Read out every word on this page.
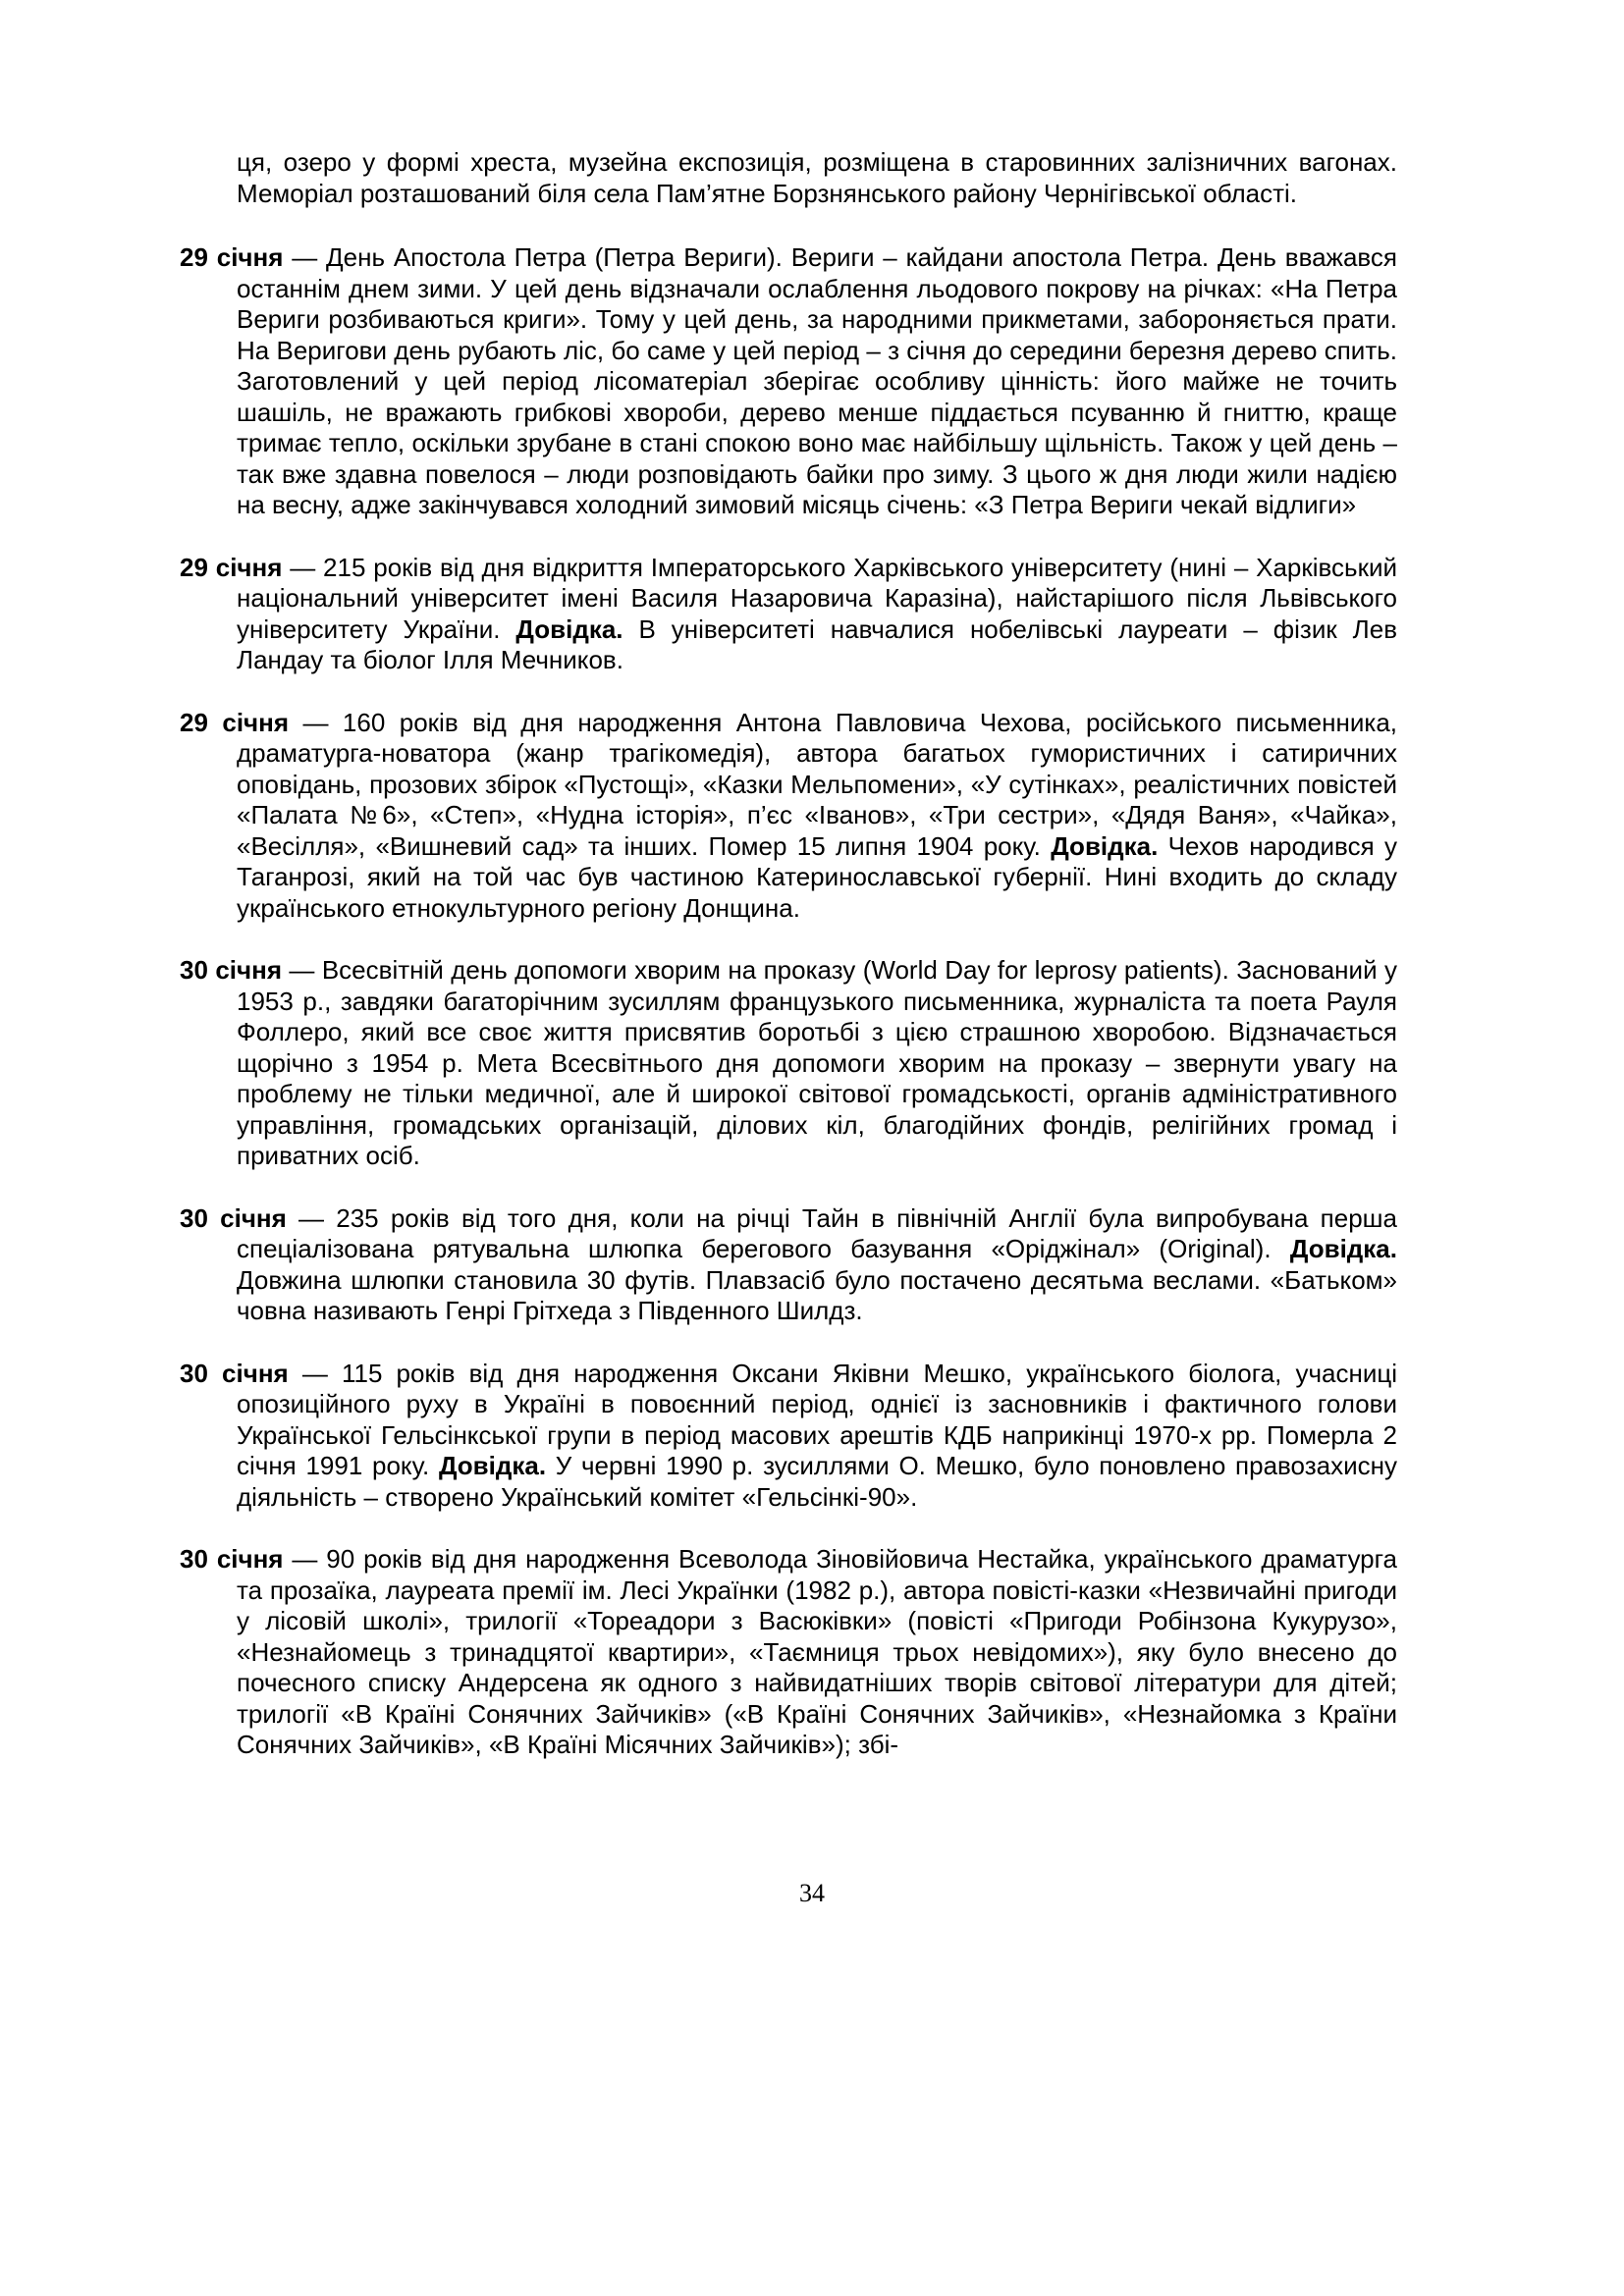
ця, озеро у формі хреста, музейна експозиція, розміщена в старовинних залізничних вагонах. Меморіал розташований біля села Пам’ятне Борзнянського району Чернігівської області.

29 січня — День Апостола Петра (Петра Вериги). Вериги – кайдани апостола Петра. День вважався останнім днем зими. У цей день відзначали ослаблення льодового покрову на річках: «На Петра Вериги розбиваються криги». Тому у цей день, за народними прикметами, забороняється прати. На Веригови день рубають ліс, бо саме у цей період – з січня до середини березня дерево спить. Заготовлений у цей період лісоматеріал зберігає особливу цінність: його майже не точить шашіль, не вражають грибкові хвороби, дерево менше піддається псуванню й гниттю, краще тримає тепло, оскільки зрубане в стані спокою воно має найбільшу щільність. Також у цей день – так вже здавна повелося – люди розповідають байки про зиму. З цього ж дня люди жили надією на весну, адже закінчувався холодний зимовий місяць січень: «З Петра Вериги чекай відлиги»

29 січня — 215 років від дня відкриття Імператорського Харківського університету (нині – Харківський національний університет імені Василя Назаровича Каразіна), найстарішого після Львівського університету України. Довідка. В університеті навчалися нобелівські лауреати – фізик Лев Ландау та біолог Ілля Мечников.

29 січня — 160 років від дня народження Антона Павловича Чехова, російського письменника, драматурга-новатора (жанр трагікомедія), автора багатьох гумористичних і сатиричних оповідань, прозових збірок «Пустощі», «Казки Мельпомени», «У сутінках», реалістичних повістей «Палата №6», «Степ», «Нудна історія», п’єс «Іванов», «Три сестри», «Дядя Ваня», «Чайка», «Весілля», «Вишневий сад» та інших. Помер 15 липня 1904 року. Довідка. Чехов народився у Таганрозі, який на той час був частиною Катеринославської губернії. Нині входить до складу українського етнокультурного регіону Донщина.

30 січня — Всесвітній день допомоги хворим на проказу (World Day for leprosy patients). Заснований у 1953 р., завдяки багаторічним зусиллям французького письменника, журналіста та поета Рауля Фоллеро, який все своє життя присвятив боротьбі з цією страшною хворобою. Відзначається щорічно з 1954 р. Мета Всесвітнього дня допомоги хворим на проказу – звернути увагу на проблему не тільки медичної, але й широкої світової громадськості, органів адміністративного управління, громадських організацій, ділових кіл, благодійних фондів, релігійних громад і приватних осіб.

30 січня — 235 років від того дня, коли на річці Тайн в північній Англії була випробувана перша спеціалізована рятувальна шлюпка берегового базування «Оріджінал» (Original). Довідка. Довжина шлюпки становила 30 футів. Плавзасіб було постачено десятьма веслами. «Батьком» човна називають Генрі Грітхеда з Південного Шилдз.

30 січня — 115 років від дня народження Оксани Яківни Мешко, українського біолога, учасниці опозиційного руху в Україні в повоєнний період, однієї із засновників і фактичного голови Української Гельсінкської групи в період масових арештів КДБ наприкінці 1970-х рр. Померла 2 січня 1991 року. Довідка. У червні 1990 р. зусиллями О. Мешко, було поновлено правозахисну діяльність – створено Український комітет «Гельсінкі-90».

30 січня — 90 років від дня народження Всеволода Зіновійовича Нестайка, українського драматурга та прозаїка, лауреата премії ім. Лесі Українки (1982 р.), автора повісті-казки «Незвичайні пригоди у лісовій школі», трилогії «Тореадори з Васюківки» (повісті «Пригоди Робінзона Кукурузо», «Незнайомець з тринадцятої квартири», «Таємниця трьох невідомих»), яку було внесено до почесного списку Андерсена як одного з найвидатніших творів світової літератури для дітей; трилогії «В Країні Сонячних Зайчиків» («В Країні Сонячних Зайчиків», «Незнайомка з Країни Сонячних Зайчиків», «В Країні Місячних Зайчиків»); збі-

34
